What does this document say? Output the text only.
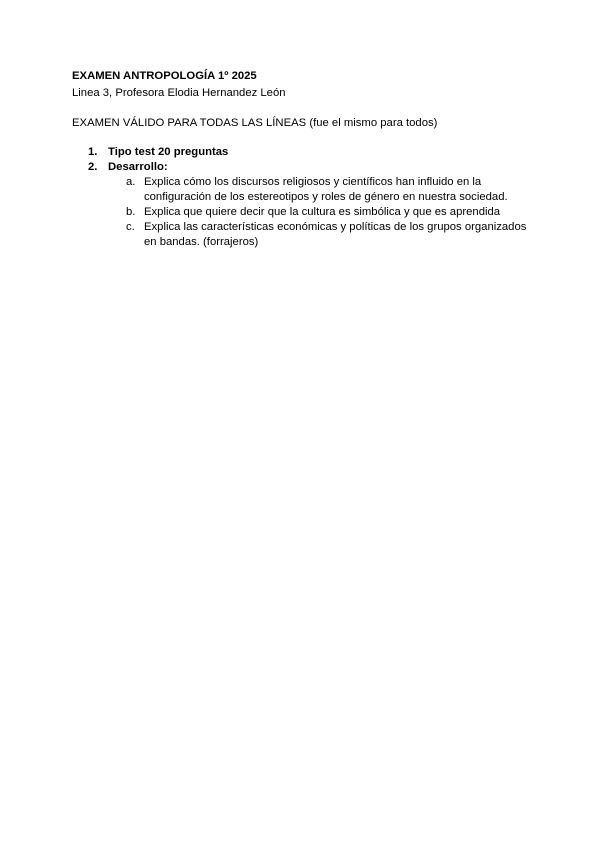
EXAMEN ANTROPOLOGÍA 1º 2025
Linea 3, Profesora Elodia Hernandez León
EXAMEN VÁLIDO PARA TODAS LAS LÍNEAS (fue el mismo para todos)
1. Tipo test 20 preguntas
2. Desarrollo:
a. Explica cómo los discursos religiosos y científicos han influido en la configuración de los estereotipos y roles de género en nuestra sociedad.
b. Explica que quiere decir que la cultura es simbólica y que es aprendida
c. Explica las características económicas y políticas de los grupos organizados en bandas. (forrajeros)
